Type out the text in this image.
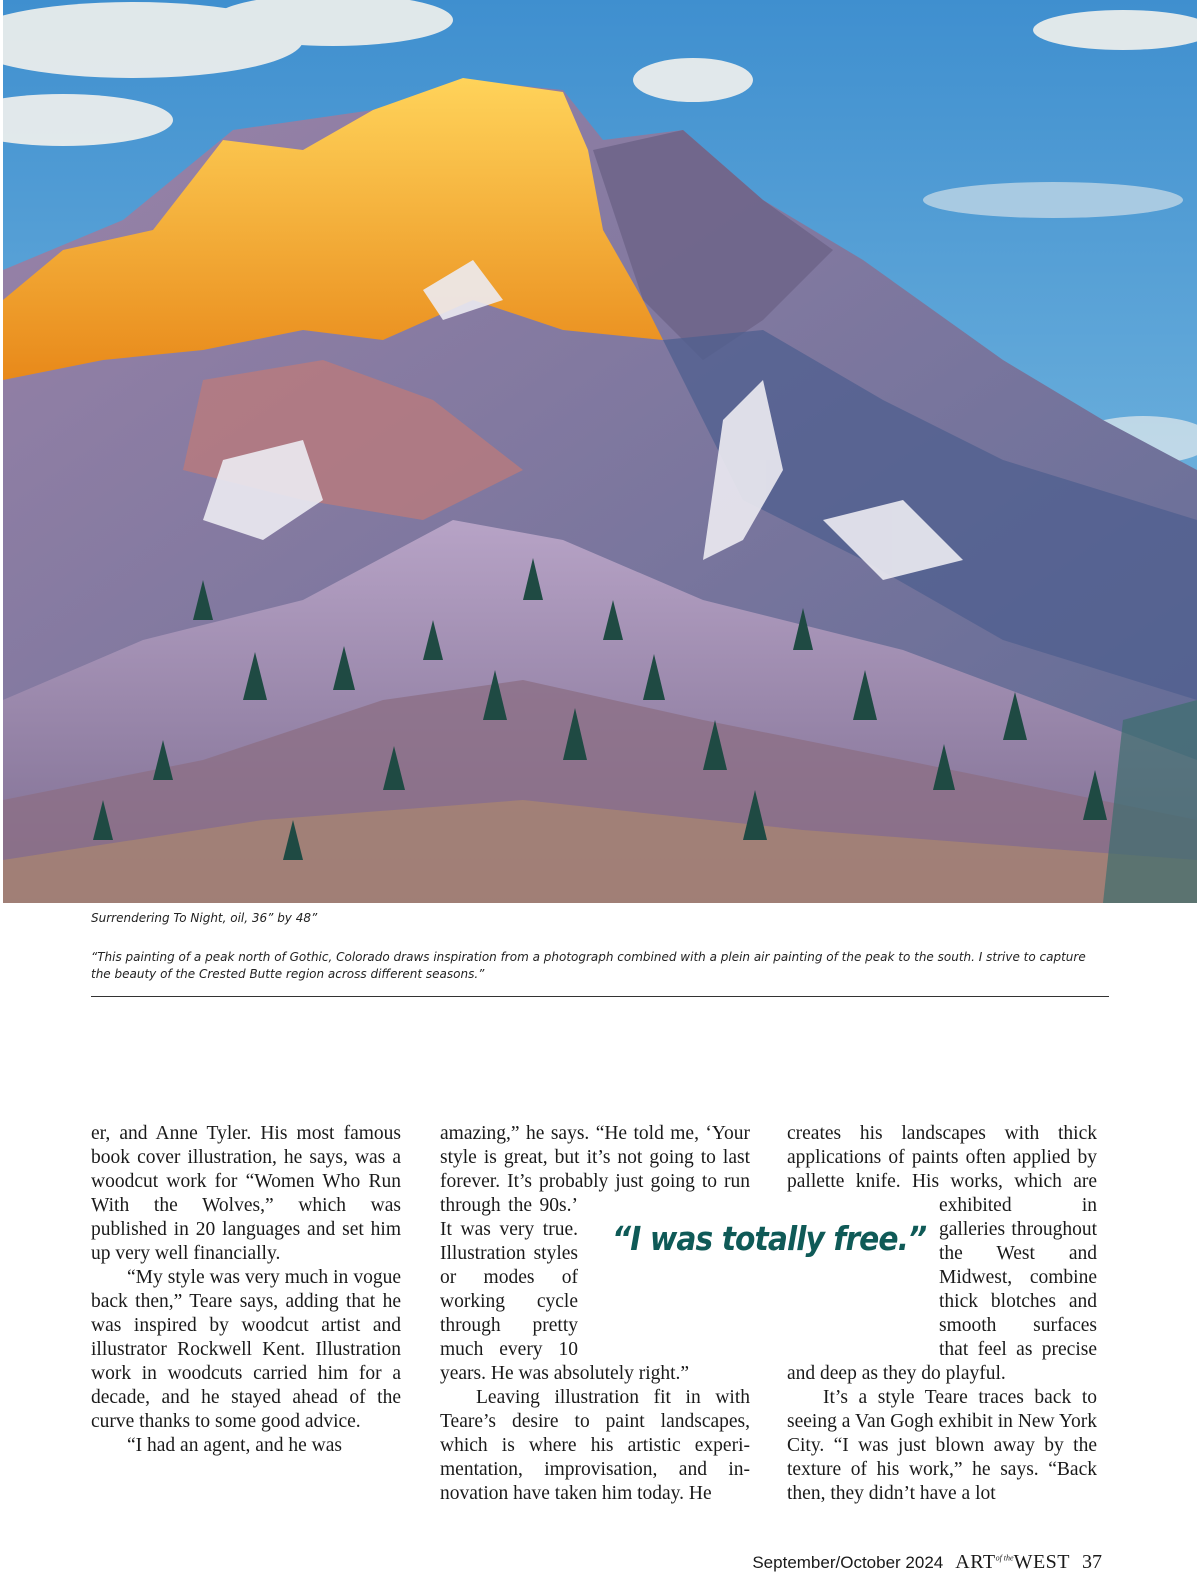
Surrendering To Night, oil, 36” by 48”
“This painting of a peak north of Gothic, Colorado draws inspiration from a photograph combined with a plein air painting of the peak to the south. I strive to capture the beauty of the Crested Butte region across different seasons.”

er, and Anne Tyler. His most famous book cover illustration, he says, was a woodcut work for “Women Who Run With the Wolves,” which was published in 20 languages and set him up very well financially.

“My style was very much in vogue back then,” Teare says, adding that he was inspired by woodcut artist and illustrator Rockwell Kent. Illustration work in woodcuts carried him for a decade, and he stayed ahead of the curve thanks to some good advice.

“I had an agent, and he was

amazing,” he says. “He told me, ‘Your style is great, but it’s not going to last forever. It’s probably just going to run through the 90s.’ It was very true. Illustration styles or modes of working cycle through pretty much every 10 years. He was absolutely right.”

Leaving illustration fit in with Teare’s desire to paint landscapes, which is where his artistic experimentation, improvisation, and innovation have taken him today. He

creates his landscapes with thick applications of paints often applied by pallette knife. His works, which are exhibited in galleries throughout the West and Midwest, combine thick blotches and smooth surfaces that feel as precise and deep as they do playful.

It’s a style Teare traces back to seeing a Van Gogh exhibit in New York City. “I was just blown away by the texture of his work,” he says. “Back then, they didn’t have a lot

“I was totally free.”
September/October 2024 $ART^{of the}WEST$ 37
